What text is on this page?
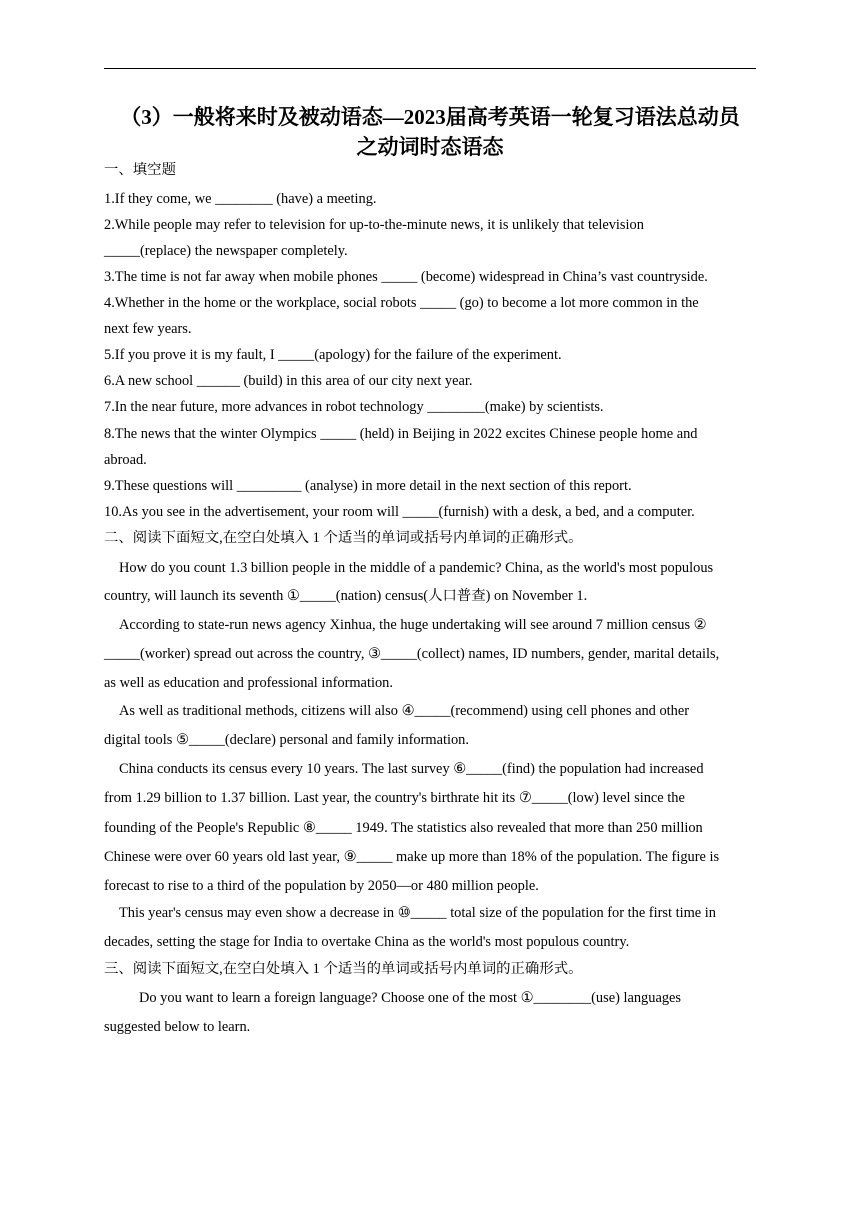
（3）一般将来时及被动语态—2023届高考英语一轮复习语法总动员
之动词时态语态
一、填空题
1.If they come, we ________ (have) a meeting.
2.While people may refer to television for up-to-the-minute news, it is unlikely that television
_____(replace) the newspaper completely.
3.The time is not far away when mobile phones _____ (become) widespread in China’s vast countryside.
4.Whether in the home or the workplace, social robots _____ (go) to become a lot more common in the
next few years.
5.If you prove it is my fault, I _____(apology) for the failure of the experiment.
6.A new school ______ (build) in this area of our city next year.
7.In the near future, more advances in robot technology ________(make) by scientists.
8.The news that the winter Olympics _____ (held) in Beijing in 2022 excites Chinese people home and
abroad.
9.These questions will _________ (analyse) in more detail in the next section of this report.
10.As you see in the advertisement, your room will _____(furnish) with a desk, a bed, and a computer.
二、阅读下面短文,在空白处填入 1 个适当的单词或括号内单词的正确形式。
How do you count 1.3 billion people in the middle of a pandemic? China, as the world's most populous
country, will launch its seventh ①_____(nation) census(人口普查) on November 1.
According to state-run news agency Xinhua, the huge undertaking will see around 7 million census ②
_____(worker) spread out across the country, ③_____(collect) names, ID numbers, gender, marital details,
as well as education and professional information.
As well as traditional methods, citizens will also ④_____(recommend) using cell phones and other
digital tools ⑤_____(declare) personal and family information.
China conducts its census every 10 years. The last survey ⑥_____(find) the population had increased
from 1.29 billion to 1.37 billion. Last year, the country's birthrate hit its ⑦_____(low) level since the
founding of the People's Republic ⑧_____ 1949. The statistics also revealed that more than 250 million
Chinese were over 60 years old last year, ⑨_____ make up more than 18% of the population. The figure is
forecast to rise to a third of the population by 2050—or 480 million people.
This year's census may even show a decrease in ⑩_____ total size of the population for the first time in
decades, setting the stage for India to overtake China as the world's most populous country.
三、阅读下面短文,在空白处填入 1 个适当的单词或括号内单词的正确形式。
Do you want to learn a foreign language? Choose one of the most ①________(use) languages
suggested below to learn.
